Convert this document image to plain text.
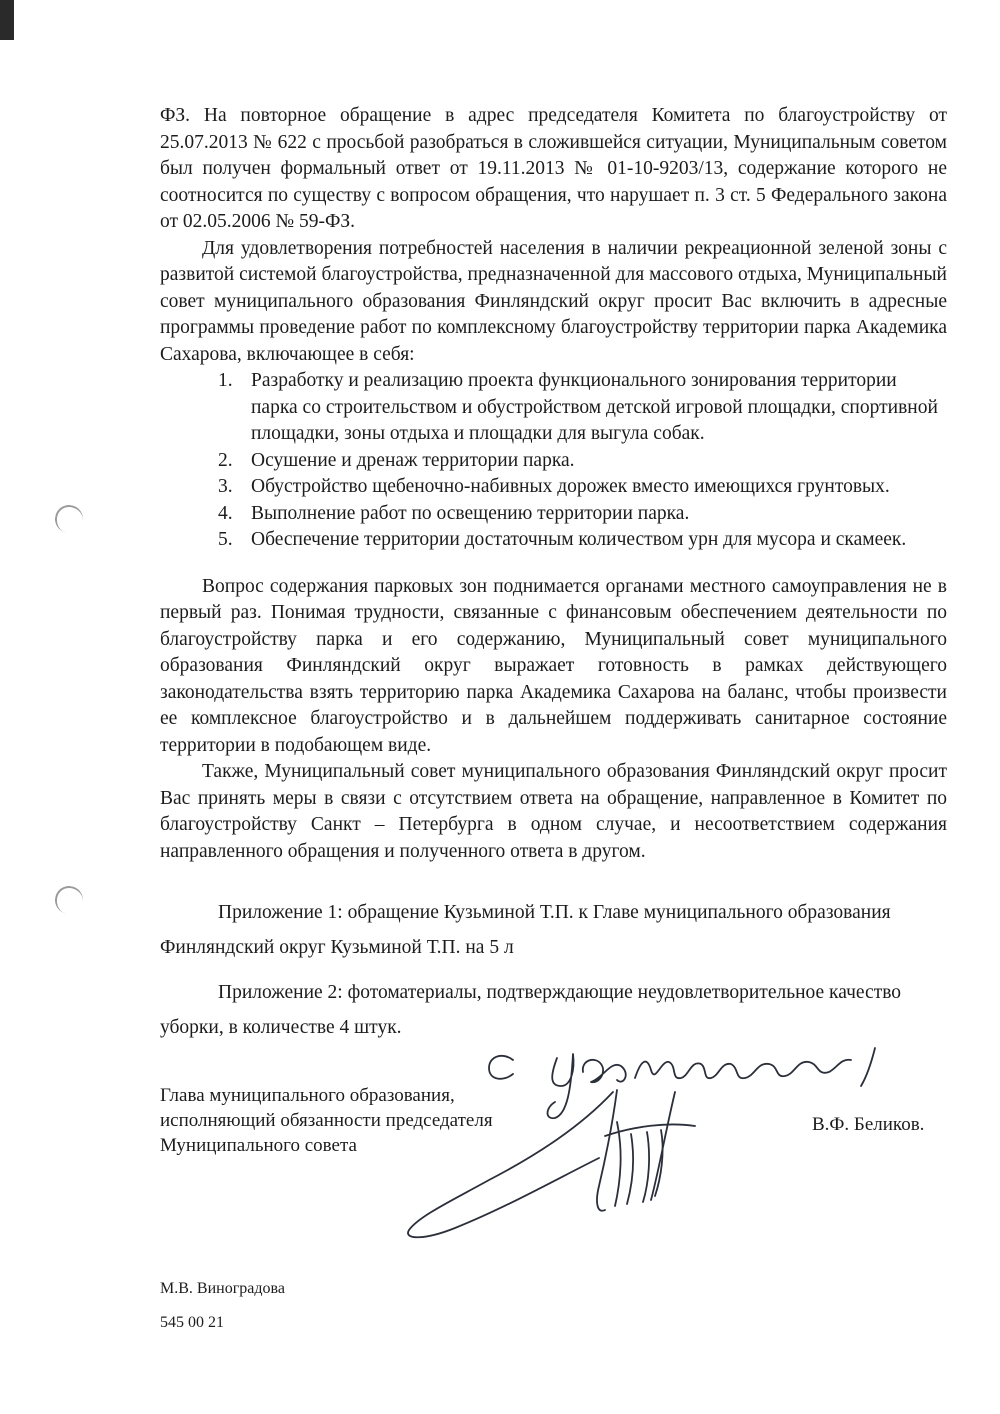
ФЗ. На повторное обращение в адрес председателя Комитета по благоустройству от 25.07.2013 № 622 с просьбой разобраться в сложившейся ситуации, Муниципальным советом был получен формальный ответ от 19.11.2013 № 01-10-9203/13, содержание которого не соотносится по существу с вопросом обращения, что нарушает п. 3 ст. 5 Федерального закона от 02.05.2006 № 59-ФЗ.

Для удовлетворения потребностей населения в наличии рекреационной зеленой зоны с развитой системой благоустройства, предназначенной для массового отдыха, Муниципальный совет муниципального образования Финляндский округ просит Вас включить в адресные программы проведение работ по комплексному благоустройству территории парка Академика Сахарова, включающее в себя:

1. Разработку и реализацию проекта функционального зонирования территории парка со строительством и обустройством детской игровой площадки, спортивной площадки, зоны отдыха и площадки для выгула собак.
2. Осушение и дренаж территории парка.
3. Обустройство щебеночно-набивных дорожек вместо имеющихся грунтовых.
4. Выполнение работ по освещению территории парка.
5. Обеспечение территории достаточным количеством урн для мусора и скамеек.

Вопрос содержания парковых зон поднимается органами местного самоуправления не в первый раз. Понимая трудности, связанные с финансовым обеспечением деятельности по благоустройству парка и его содержанию, Муниципальный совет муниципального образования Финляндский округ выражает готовность в рамках действующего законодательства взять территорию парка Академика Сахарова на баланс, чтобы произвести ее комплексное благоустройство и в дальнейшем поддерживать санитарное состояние территории в подобающем виде.

Также, Муниципальный совет муниципального образования Финляндский округ просит Вас принять меры в связи с отсутствием ответа на обращение, направленное в Комитет по благоустройству Санкт – Петербурга в одном случае, и несоответствием содержания направленного обращения и полученного ответа в другом.

Приложение 1: обращение Кузьминой Т.П. к Главе муниципального образования Финляндский округ Кузьминой Т.П. на 5 л

Приложение 2: фотоматериалы, подтверждающие неудовлетворительное качество уборки, в количестве 4 штук.

Глава муниципального образования,
исполняющий обязанности председателя
Муниципального совета
В.Ф. Беликов.
М.В. Виноградова
545 00 21
